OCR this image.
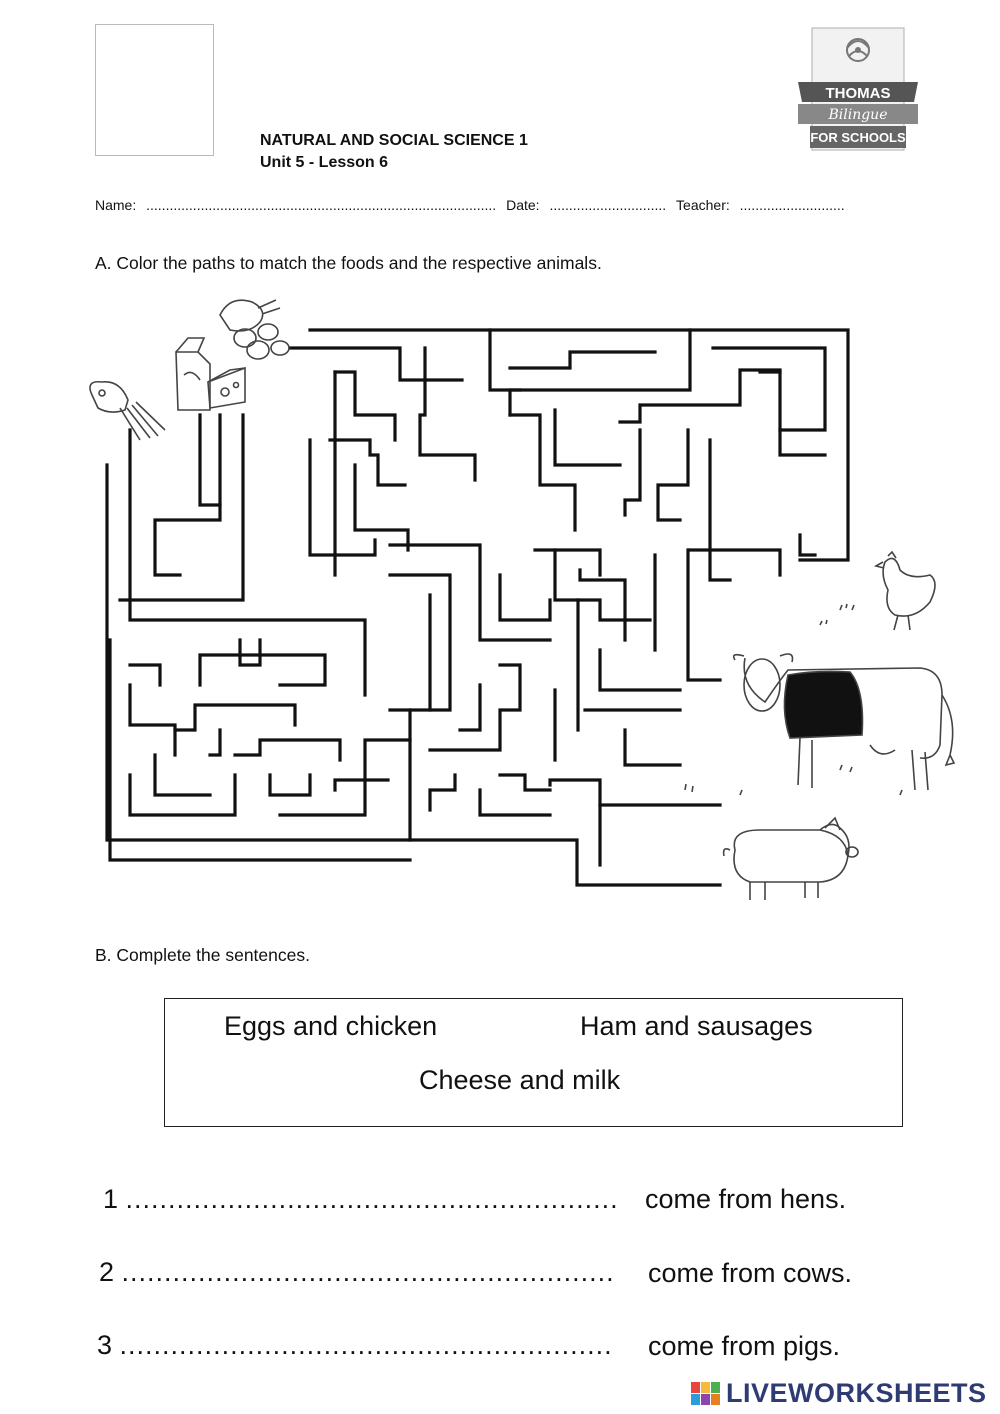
NATURAL AND SOCIAL SCIENCE 1
Unit 5 - Lesson 6
THOMAS
Bilingue
FOR SCHOOLS
Name: .......................................................................................... Date: .............................. Teacher: ...........................
A. Color the paths to match the foods and the respective animals.
B. Complete the sentences.
Eggs and chicken	Ham and sausages
Cheese and milk
1 .......................................................... come from hens.
2 .......................................................... come from cows.
3 .......................................................... come from pigs.
LIVEWORKSHEETS
